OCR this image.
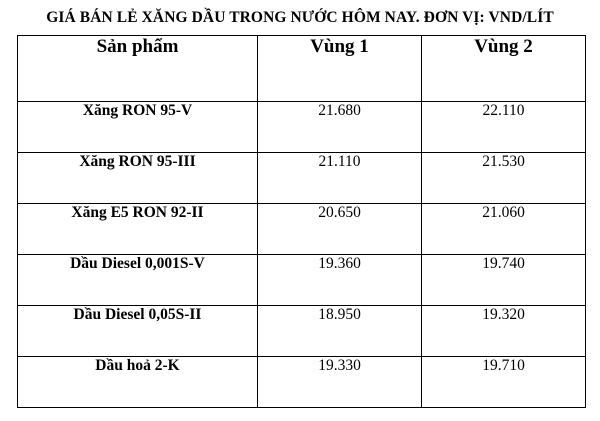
GIÁ BÁN LẺ XĂNG DẦU TRONG NƯỚC HÔM NAY. ĐƠN VỊ: VND/LÍT
Sản phẩm	Vùng 1	Vùng 2
Xăng RON 95-V	21.680	22.110
Xăng RON 95-III	21.110	21.530
Xăng E5 RON 92-II	20.650	21.060
Dầu Diesel 0,001S-V	19.360	19.740
Dầu Diesel 0,05S-II	18.950	19.320
Dầu hoả 2-K	19.330	19.710
